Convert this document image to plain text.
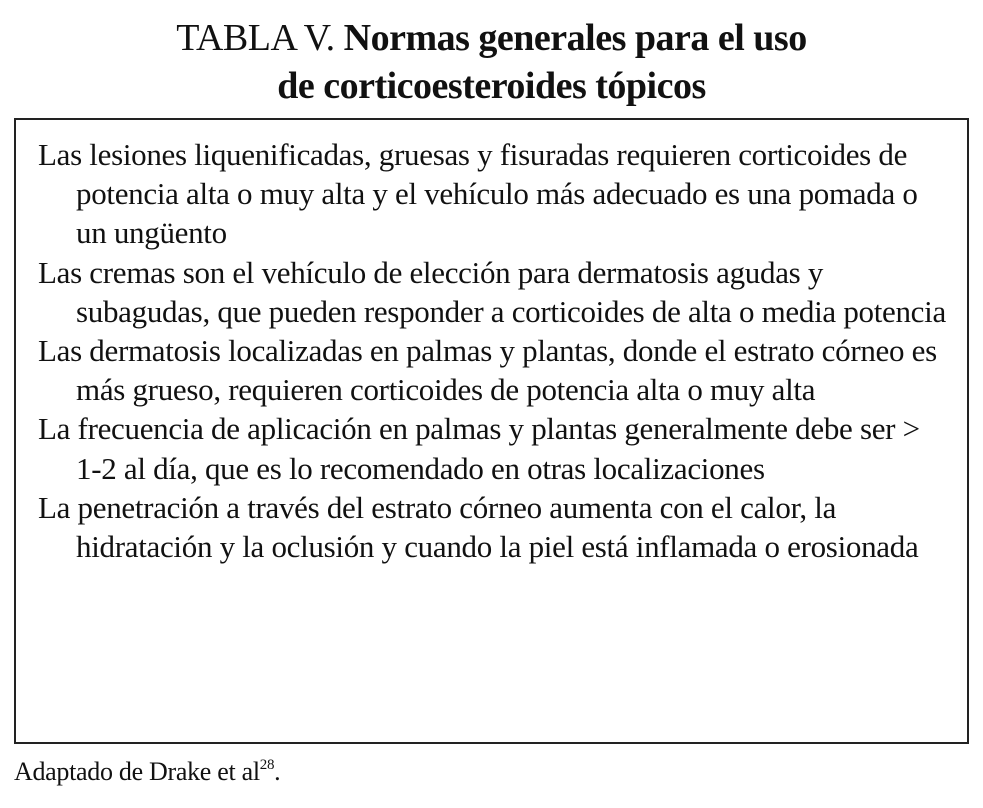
TABLA V. Normas generales para el uso
de corticoesteroides tópicos
Las lesiones liquenificadas, gruesas y fisuradas requieren corticoides de potencia alta o muy alta y el vehículo más adecuado es una pomada o un ungüento
Las cremas son el vehículo de elección para dermatosis agudas y subagudas, que pueden responder a corticoides de alta o media potencia
Las dermatosis localizadas en palmas y plantas, donde el estrato córneo es más grueso, requieren corticoides de potencia alta o muy alta
La frecuencia de aplicación en palmas y plantas generalmente debe ser > 1-2 al día, que es lo recomendado en otras localizaciones
La penetración a través del estrato córneo aumenta con el calor, la hidratación y la oclusión y cuando la piel está inflamada o erosionada
Adaptado de Drake et $al^{28}$.
